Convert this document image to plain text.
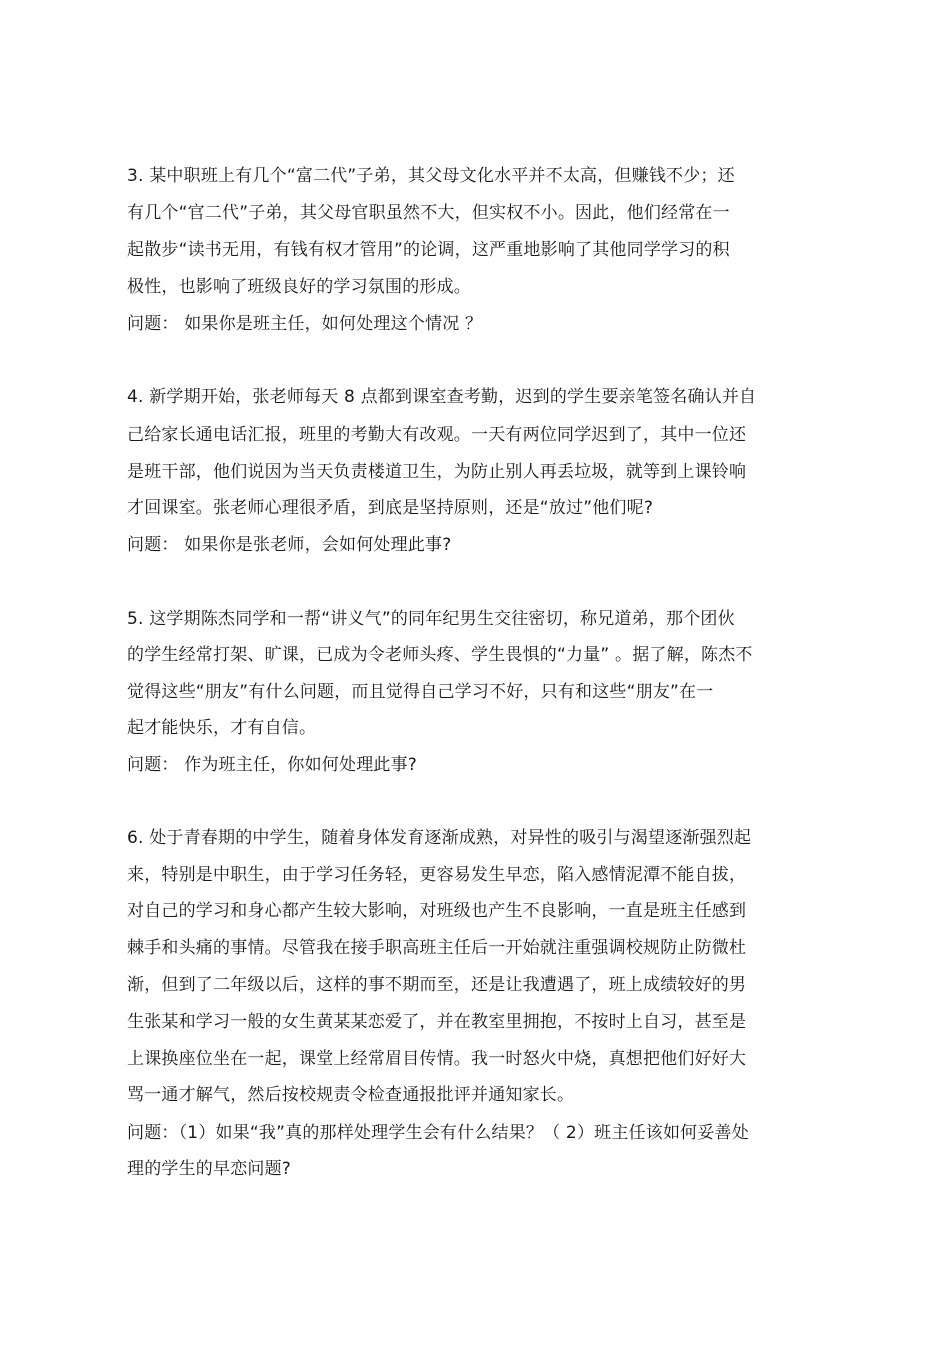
3. 某中职班上有几个“富二代”子弟，其父母文化水平并不太高，但赚钱不少；还
有几个“官二代”子弟，其父母官职虽然不大，但实权不小。因此，他们经常在一
起散步“读书无用，有钱有权才管用”的论调，这严重地影响了其他同学学习的积
极性，也影响了班级良好的学习氛围的形成。
问题： 如果你是班主任，如何处理这个情况 ？
4. 新学期开始，张老师每天 8 点都到课室查考勤，迟到的学生要亲笔签名确认并自
己给家长通电话汇报，班里的考勤大有改观。一天有两位同学迟到了，其中一位还
是班干部，他们说因为当天负责楼道卫生，为防止别人再丢垃圾，就等到上课铃响
才回课室。张老师心理很矛盾，到底是坚持原则，还是“放过”他们呢?
问题： 如果你是张老师，会如何处理此事?
5. 这学期陈杰同学和一帮“讲义气”的同年纪男生交往密切，称兄道弟，那个团伙
的学生经常打架、旷课，已成为令老师头疼、学生畏惧的“力量” 。据了解，陈杰不
觉得这些“朋友”有什么问题，而且觉得自己学习不好，只有和这些“朋友”在一
起才能快乐，才有自信。
问题： 作为班主任，你如何处理此事?
6. 处于青春期的中学生，随着身体发育逐渐成熟，对异性的吸引与渴望逐渐强烈起
来，特别是中职生，由于学习任务轻，更容易发生早恋，陷入感情泥潭不能自拔，
对自己的学习和身心都产生较大影响，对班级也产生不良影响，一直是班主任感到
棘手和头痛的事情。尽管我在接手职高班主任后一开始就注重强调校规防止防微杜
渐，但到了二年级以后，这样的事不期而至，还是让我遭遇了，班上成绩较好的男
生张某和学习一般的女生黄某某恋爱了，并在教室里拥抱，不按时上自习，甚至是
上课换座位坐在一起，课堂上经常眉目传情。我一时怒火中烧，真想把他们好好大
骂一通才解气，然后按校规责令检查通报批评并通知家长。
问题：（1）如果“我”真的那样处理学生会有什么结果？（ 2）班主任该如何妥善处
理的学生的早恋问题?
